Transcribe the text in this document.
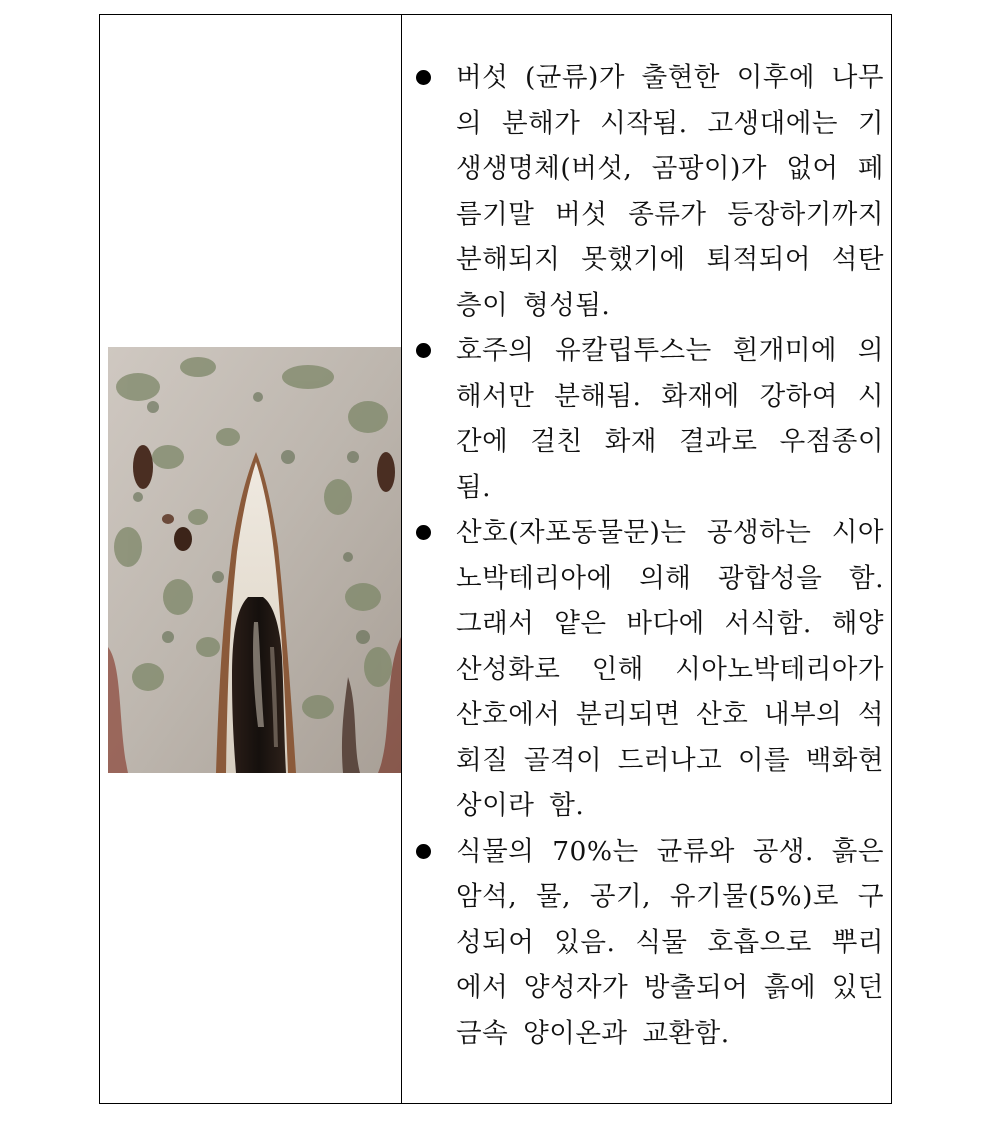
버섯 (균류)가 출현한 이후에 나무의 분해가 시작됨. 고생대에는 기생생명체(버섯, 곰팡이)가 없어 페름기말 버섯 종류가 등장하기까지 분해되지 못했기에 퇴적되어 석탄층이 형성됨.
호주의 유칼립투스는 흰개미에 의해서만 분해됨. 화재에 강하여 시간에 걸친 화재 결과로 우점종이 됨.
산호(자포동물문)는 공생하는 시아노박테리아에 의해 광합성을 함. 그래서 얕은 바다에 서식함. 해양산성화로 인해 시아노박테리아가 산호에서 분리되면 산호 내부의 석회질 골격이 드러나고 이를 백화현상이라 함.
식물의 70%는 균류와 공생. 흙은 암석, 물, 공기, 유기물(5%)로 구성되어 있음. 식물 호흡으로 뿌리에서 양성자가 방출되어 흙에 있던 금속 양이온과 교환함.
